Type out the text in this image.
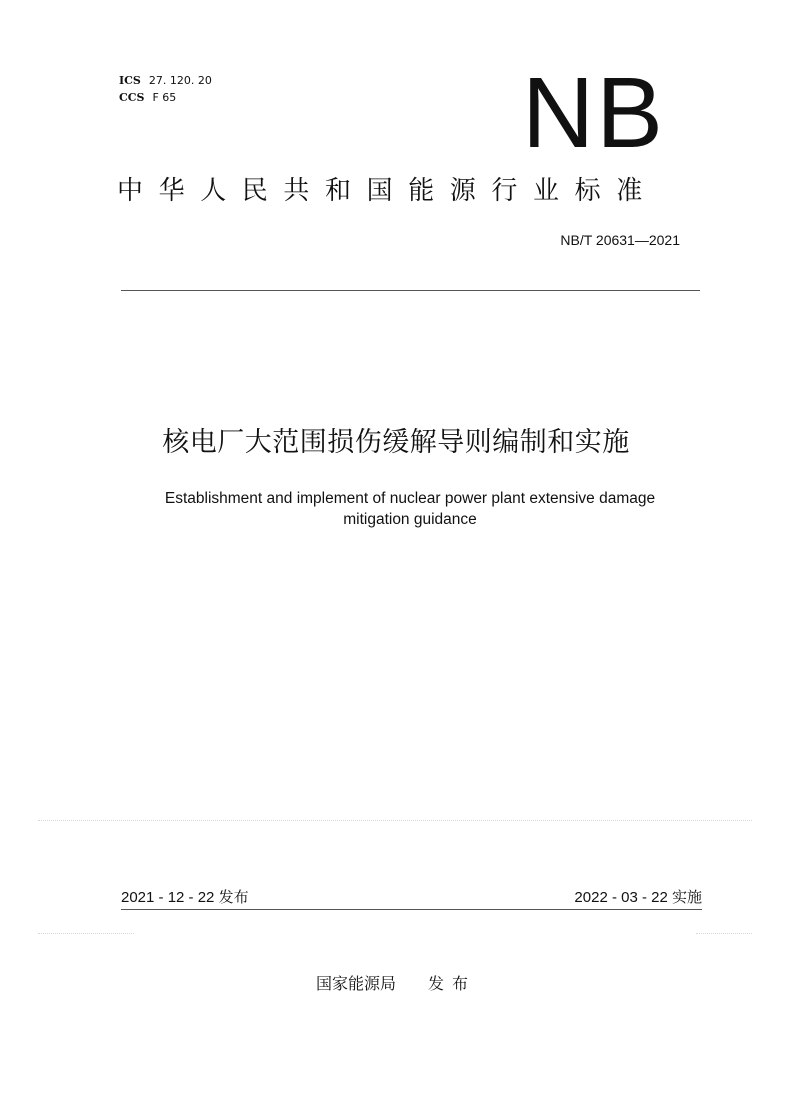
ICS 27. 120. 20
CCS F 65	NB
中华人民共和国能源行业标准
NB/T 20631—2021
核电厂大范围损伤缓解导则编制和实施
Establishment and implement of nuclear power plant extensive damage
mitigation guidance
2021 - 12 - 22 发布	2022 - 03 - 22 实施
国家能源局 发布
